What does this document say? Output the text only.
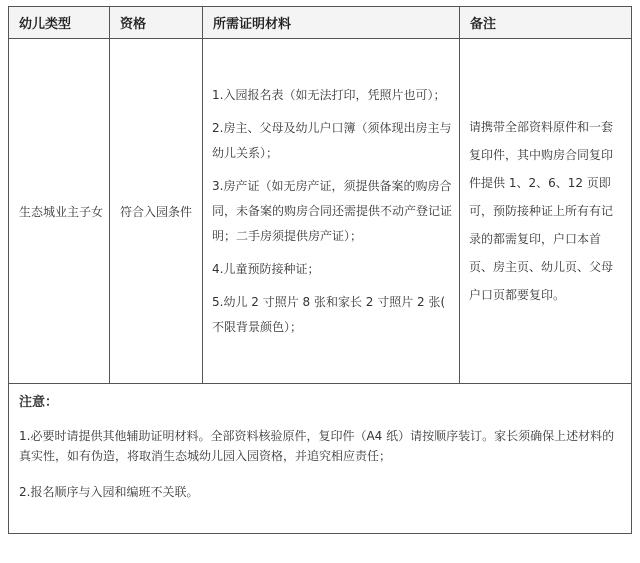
幼儿类型	资格	所需证明材料	备注
生态城业主子女	符合入园条件	1.入园报名表（如无法打印，凭照片也可）；

2.房主、父母及幼儿户口簿（须体现出房主与幼儿关系）；

3.房产证（如无房产证，须提供备案的购房合同，未备案的购房合同还需提供不动产登记证明；二手房须提供房产证）；

4.儿童预防接种证；

5.幼儿 2 寸照片 8 张和家长 2 寸照片 2 张( 不限背景颜色）；	请携带全部资料原件和一套复印件，其中购房合同复印件提供 1、2、6、12 页即可，预防接种证上所有有记录的都需复印，户口本首页、房主页、幼儿页、父母户口页都要复印。

注意：

1.必要时请提供其他辅助证明材料。全部资料核验原件，复印件（A4 纸）请按顺序装订。家长须确保上述材料的真实性，如有伪造，将取消生态城幼儿园入园资格，并追究相应责任；

2.报名顺序与入园和编班不关联。			
